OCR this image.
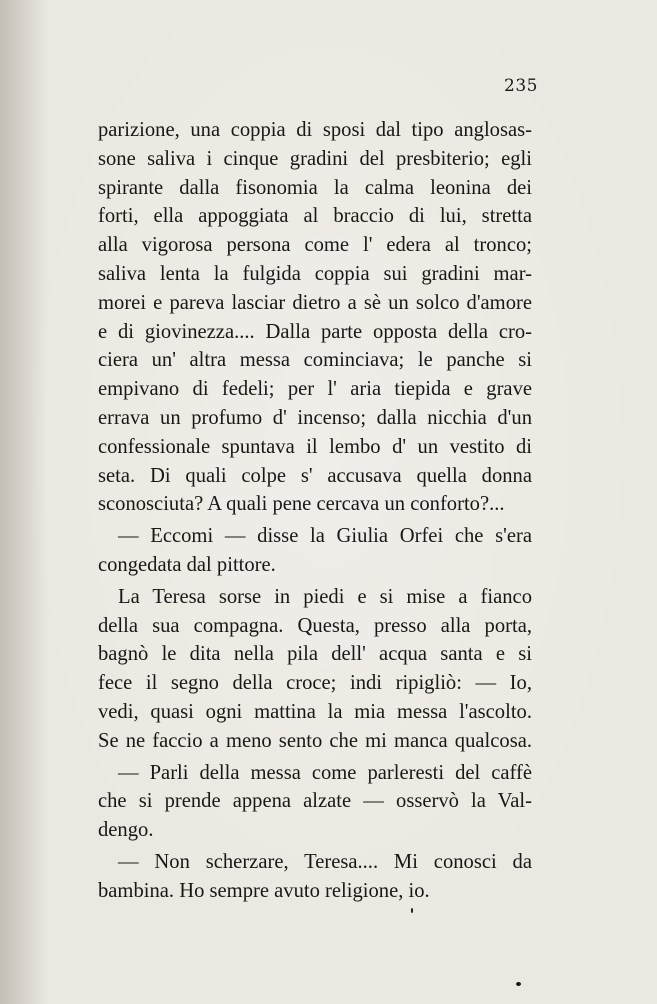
235
parizione, una coppia di sposi dal tipo anglosas-
sone saliva i cinque gradini del presbiterio; egli
spirante dalla fisonomia la calma leonina dei
forti, ella appoggiata al braccio di lui, stretta
alla vigorosa persona come l' edera al tronco;
saliva lenta la fulgida coppia sui gradini mar-
morei e pareva lasciar dietro a sè un solco d'amore
e di giovinezza.... Dalla parte opposta della cro-
ciera un' altra messa cominciava; le panche si
empivano di fedeli; per l' aria tiepida e grave
errava un profumo d' incenso; dalla nicchia d'un
confessionale spuntava il lembo d' un vestito di
seta. Di quali colpe s' accusava quella donna
sconosciuta? A quali pene cercava un conforto?...
— Eccomi — disse la Giulia Orfei che s'era
congedata dal pittore.
La Teresa sorse in piedi e si mise a fianco
della sua compagna. Questa, presso alla porta,
bagnò le dita nella pila dell' acqua santa e si
fece il segno della croce; indi ripigliò: — Io,
vedi, quasi ogni mattina la mia messa l'ascolto.
Se ne faccio a meno sento che mi manca qualcosa.
— Parli della messa come parleresti del caffè
che si prende appena alzate — osservò la Val-
dengo.
— Non scherzare, Teresa.... Mi conosci da
bambina. Ho sempre avuto religione, io.
